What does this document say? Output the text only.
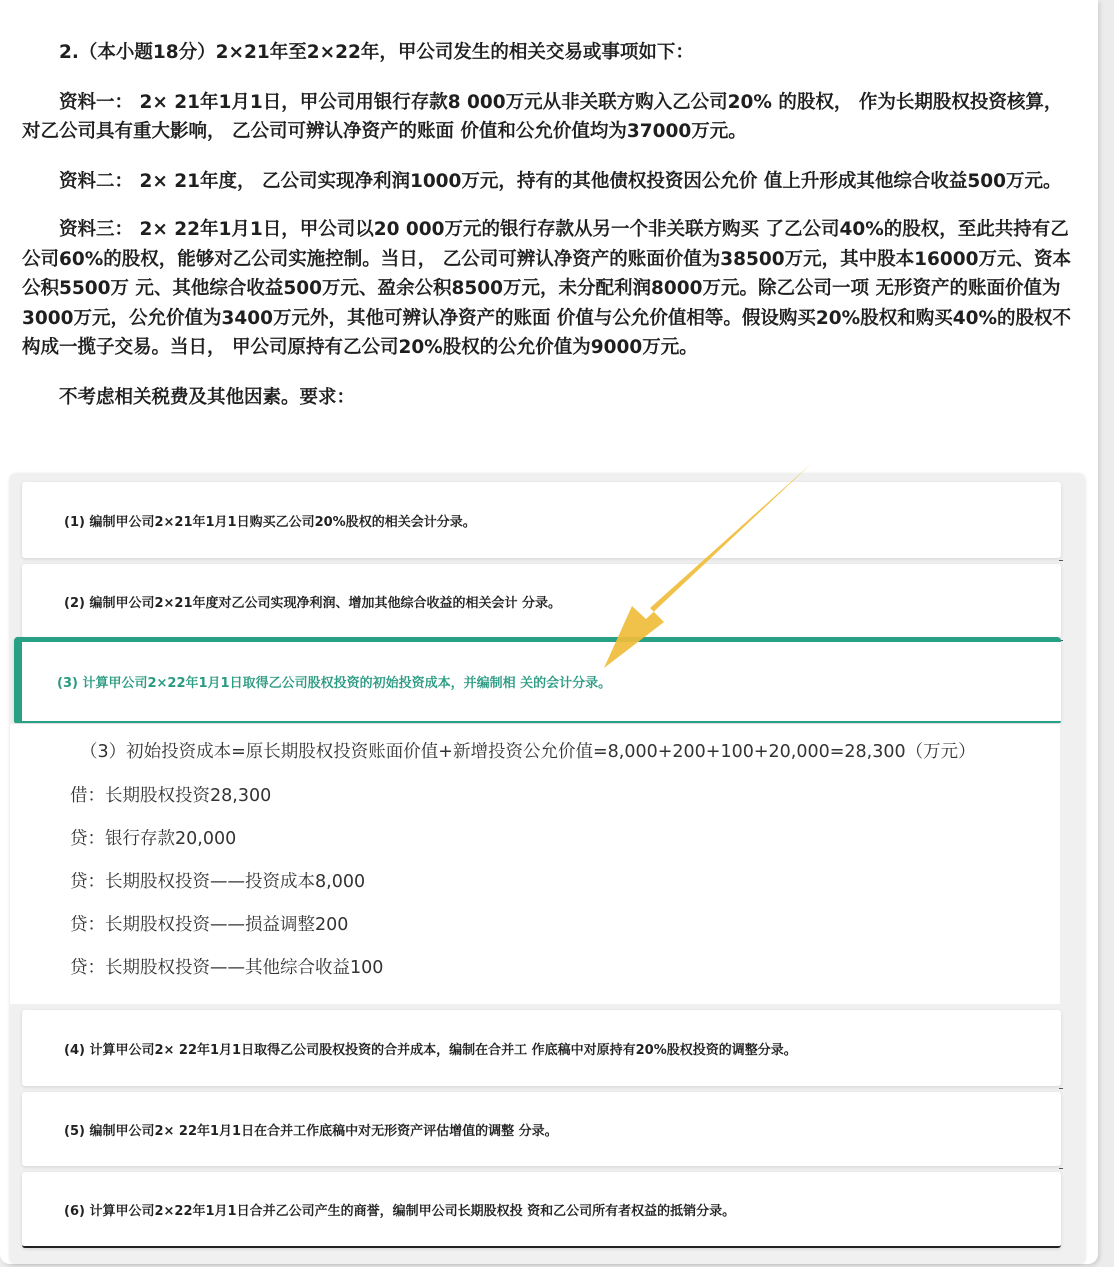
2.（本小题18分）2×21年至2×22年，甲公司发生的相关交易或事项如下：

资料一： 2× 21年1月1日，甲公司用银行存款8 000万元从非关联方购入乙公司20% 的股权， 作为长期股权投资核算， 对乙公司具有重大影响， 乙公司可辨认净资产的账面 价值和公允价值均为37000万元。

资料二： 2× 21年度， 乙公司实现净利润1000万元，持有的其他债权投资因公允价 值上升形成其他综合收益500万元。

资料三： 2× 22年1月1日，甲公司以20 000万元的银行存款从另一个非关联方购买 了乙公司40%的股权，至此共持有乙公司60%的股权，能够对乙公司实施控制。当日， 乙公司可辨认净资产的账面价值为38500万元，其中股本16000万元、资本公积5500万 元、其他综合收益500万元、盈余公积8500万元，未分配利润8000万元。除乙公司一项 无形资产的账面价值为3000万元，公允价值为3400万元外，其他可辨认净资产的账面 价值与公允价值相等。假设购买20%股权和购买40%的股权不构成一揽子交易。当日， 甲公司原持有乙公司20%股权的公允价值为9000万元。

不考虑相关税费及其他因素。要求：

(1) 编制甲公司2×21年1月1日购买乙公司20%股权的相关会计分录。
(2) 编制甲公司2×21年度对乙公司实现净利润、增加其他综合收益的相关会计 分录。
(3) 计算甲公司2×22年1月1日取得乙公司股权投资的初始投资成本，并编制相 关的会计分录。
（3）初始投资成本=原长期股权投资账面价值+新增投资公允价值=8,000+200+100+20,000=28,300（万元）
借：长期股权投资28,300
贷：银行存款20,000
贷：长期股权投资——投资成本8,000
贷：长期股权投资——损益调整200
贷：长期股权投资——其他综合收益100
(4) 计算甲公司2× 22年1月1日取得乙公司股权投资的合并成本，编制在合并工 作底稿中对原持有20%股权投资的调整分录。
(5) 编制甲公司2× 22年1月1日在合并工作底稿中对无形资产评估增值的调整 分录。
(6) 计算甲公司2×22年1月1日合并乙公司产生的商誉，编制甲公司长期股权投 资和乙公司所有者权益的抵销分录。
